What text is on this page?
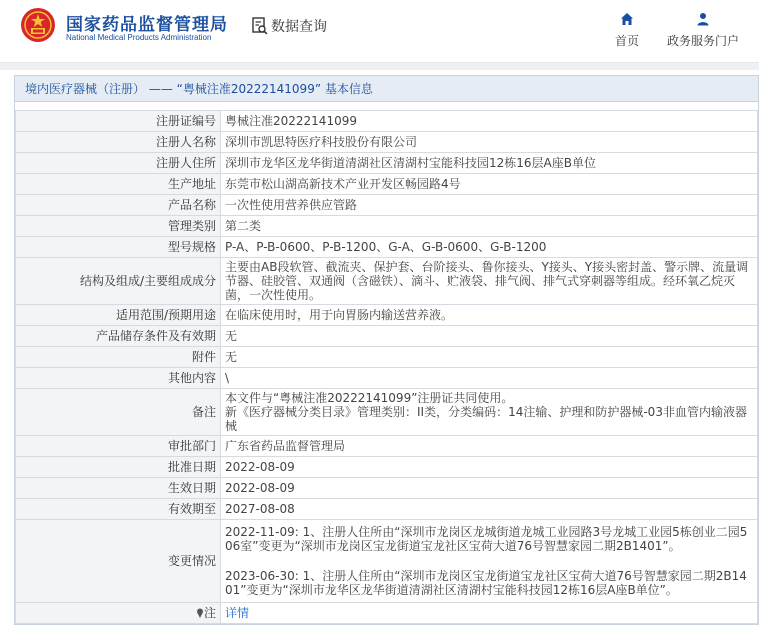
国家药品监督管理局
National Medical Products Administration
数据查询
首页 政务服务门户
境内医疗器械（注册） —— “粤械注准20222141099” 基本信息
注册证编号	粤械注准20222141099
注册人名称	深圳市凯思特医疗科技股份有限公司
注册人住所	深圳市龙华区龙华街道清湖社区清湖村宝能科技园12栋16层A座B单位
生产地址	东莞市松山湖高新技术产业开发区畅园路4号
产品名称	一次性使用营养供应管路
管理类别	第二类
型号规格	P-A、P-B-0600、P-B-1200、G-A、G-B-0600、G-B-1200
结构及组成/主要组成成分	主要由AB段软管、截流夹、保护套、台阶接头、鲁你接头、Y接头、Y接头密封盖、警示牌、流量调节器、硅胶管、双通阀（含磁铁）、滴斗、贮液袋、排气阀、排气式穿刺器等组成。经环氧乙烷灭菌，一次性使用。
适用范围/预期用途	在临床使用时，用于向胃肠内输送营养液。
产品储存条件及有效期	无
附件	无
其他内容	\
备注	本文件与“粤械注准20222141099”注册证共同使用。
新《医疗器械分类目录》管理类别：II类，分类编码：14注输、护理和防护器械-03非血管内输液器械

审批部门	广东省药品监督管理局
批准日期	2022-08-09
生效日期	2022-08-09
有效期至	2027-08-08
变更情况	2022-11-09: 1、注册人住所由“深圳市龙岗区龙城街道龙城工业园路3号龙城工业园5栋创业二园506室”变更为“深圳市龙岗区宝龙街道宝龙社区宝荷大道76号智慧家园二期2B1401”。
2023-06-30: 1、注册人住所由“深圳市龙岗区宝龙街道宝龙社区宝荷大道76号智慧家园二期2B1401”变更为“深圳市龙华区龙华街道清湖社区清湖村宝能科技园12栋16层A座B单位”。

注	详情
